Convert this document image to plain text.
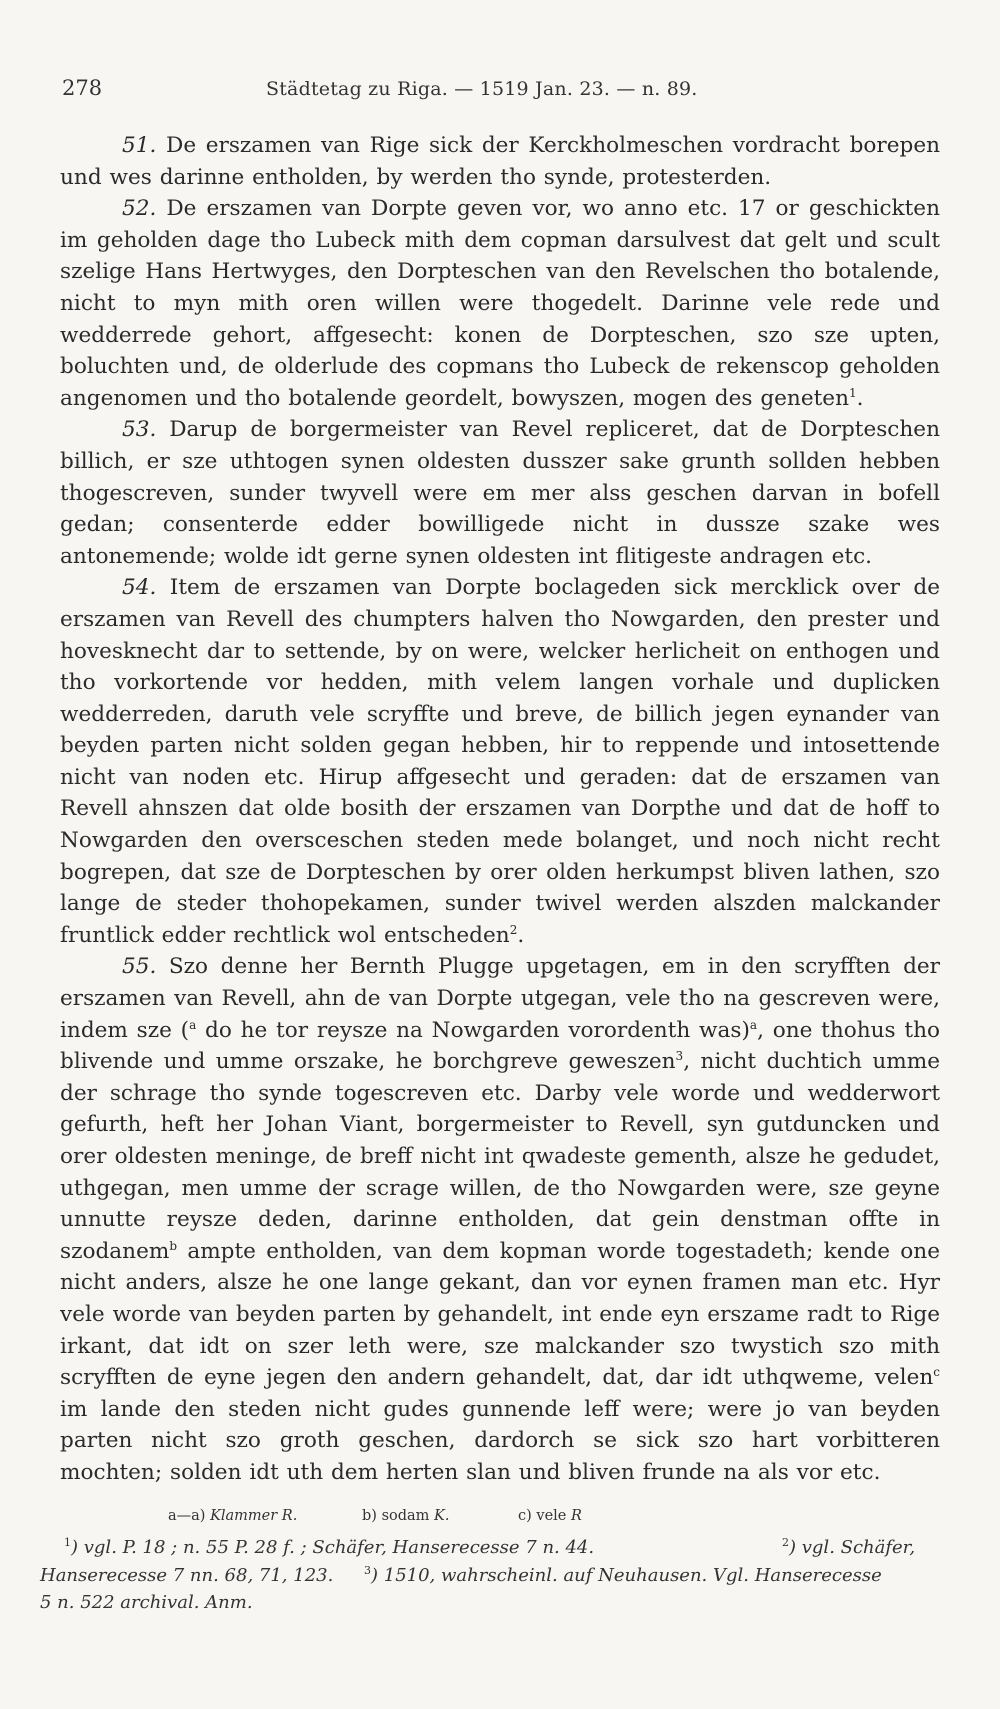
278	Städtetag zu Riga. — 1519 Jan. 23. — n. 89.

51. De erszamen van Rige sick der Kerckholmeschen vordracht borepen und wes darinne entholden, by werden tho synde, protesterden.

52. De erszamen van Dorpte geven vor, wo anno etc. 17 or geschickten im geholden dage tho Lubeck mith dem copman darsulvest dat gelt und scult szelige Hans Hertwyges, den Dorpteschen van den Revelschen tho botalende, nicht to myn mith oren willen were thogedelt. Darinne vele rede und wedderrede gehort, affgesecht: konen de Dorpteschen, szo sze upten, boluchten und, de olderlude des copmans tho Lubeck de rekenscop geholden angenomen und tho botalende geordelt, bowyszen, mogen des geneten$^1$.

53. Darup de borgermeister van Revel repliceret, dat de Dorpteschen billich, er sze uthtogen synen oldesten dusszer sake grunth sollden hebben thogescreven, sunder twyvell were em mer alss geschen darvan in bofell gedan; consenterde edder bowilligede nicht in dussze szake wes antonemende; wolde idt gerne synen oldesten int flitigeste andragen etc.

54. Item de erszamen van Dorpte boclageden sick mercklick over de erszamen van Revell des chumpters halven tho Nowgarden, den prester und hovesknecht dar to settende, by on were, welcker herlicheit on enthogen und tho vorkortende vor hedden, mith velem langen vorhale und duplicken wedderreden, daruth vele scryffte und breve, de billich jegen eynander van beyden parten nicht solden gegan hebben, hir to reppende und intosettende nicht van noden etc. Hirup affgesecht und geraden: dat de erszamen van Revell ahnszen dat olde bosith der erszamen van Dorpthe und dat de hoff to Nowgarden den oversceschen steden mede bolanget, und noch nicht recht bogrepen, dat sze de Dorpteschen by orer olden herkumpst bliven lathen, szo lange de steder thohopekamen, sunder twivel werden alszden malckander fruntlick edder rechtlick wol entscheden$^2$.

55. Szo denne her Bernth Plugge upgetagen, em in den scryfften der erszamen van Revell, ahn de van Dorpte utgegan, vele tho na gescreven were, indem sze ($^a$ do he tor reysze na Nowgarden vorordenth was)$^a$, one thohus tho blivende und umme orszake, he borchgreve geweszen$^3$, nicht duchtich umme der schrage tho synde togescreven etc. Darby vele worde und wedderwort gefurth, heft her Johan Viant, borgermeister to Revell, syn gutduncken und orer oldesten meninge, de breff nicht int qwadeste gementh, alsze he gedudet, uthgegan, men umme der scrage willen, de tho Nowgarden were, sze geyne unnutte reysze deden, darinne entholden, dat gein denstman offte in szodanem$^b$ ampte entholden, van dem kopman worde togestadeth; kende one nicht anders, alsze he one lange gekant, dan vor eynen framen man etc. Hyr vele worde van beyden parten by gehandelt, int ende eyn erszame radt to Rige irkant, dat idt on szer leth were, sze malckander szo twystich szo mith scryfften de eyne jegen den andern gehandelt, dat, dar idt uthqweme, velen$^c$ im lande den steden nicht gudes gunnende leff were; were jo van beyden parten nicht szo groth geschen, dardorch se sick szo hart vorbitteren mochten; solden idt uth dem herten slan und bliven frunde na als vor etc.

a—a) Klammer R.	b) sodam K.	c) vele R
$^1$) vgl. P. 18 ; n. 55 P. 28 f. ; Schäfer, Hanserecesse 7 n. 44.	$^2$) vgl. Schäfer,
Hanserecesse 7 nn. 68, 71, 123.	$^3$) 1510, wahrscheinl. auf Neuhausen. Vgl. Hanserecesse
5 n. 522 archival. Anm.
